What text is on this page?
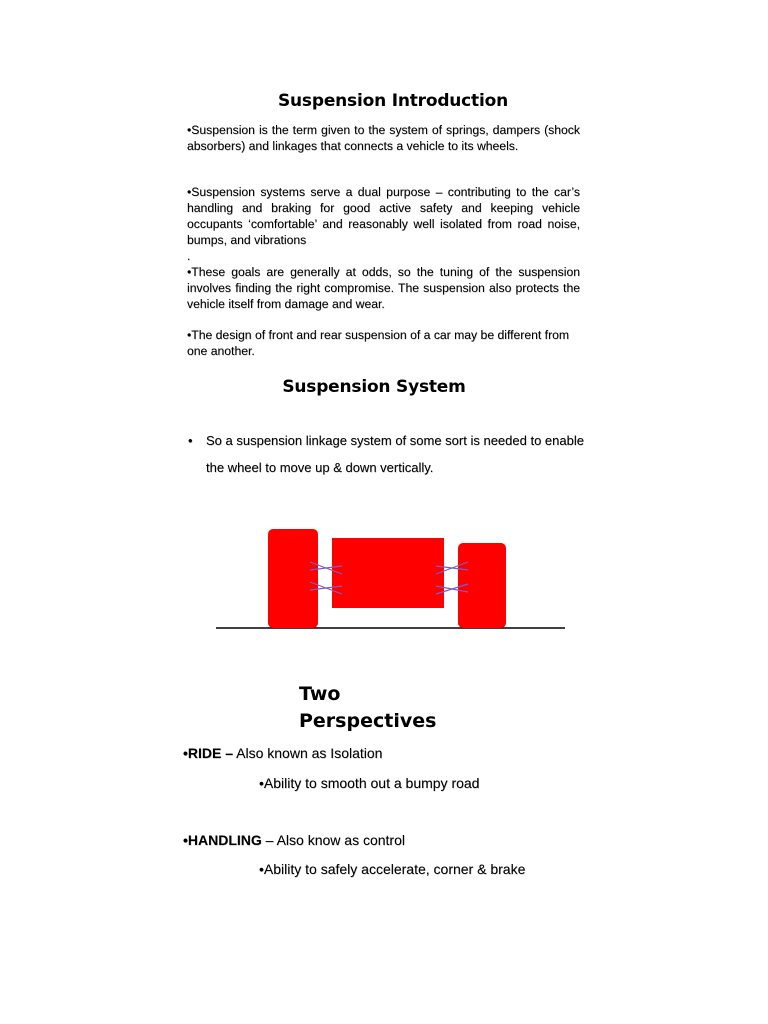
Suspension Introduction

•Suspension is the term given to the system of springs, dampers (shock absorbers) and linkages that connects a vehicle to its wheels.

•Suspension systems serve a dual purpose – contributing to the car’s handling and braking for good active safety and keeping vehicle occupants ‘comfortable’ and reasonably well isolated from road noise, bumps, and vibrations

.

•These goals are generally at odds, so the tuning of the suspension involves finding the right compromise. The suspension also protects the vehicle itself from damage and wear.

•The design of front and rear suspension of a car may be different from one another.

Suspension System
•	So a suspension linkage system of some sort is needed to enable the wheel to move up & down vertically.
Two
Perspectives

•RIDE – Also known as Isolation

•Ability to smooth out a bumpy road

•HANDLING – Also know as control

•Ability to safely accelerate, corner & brake
